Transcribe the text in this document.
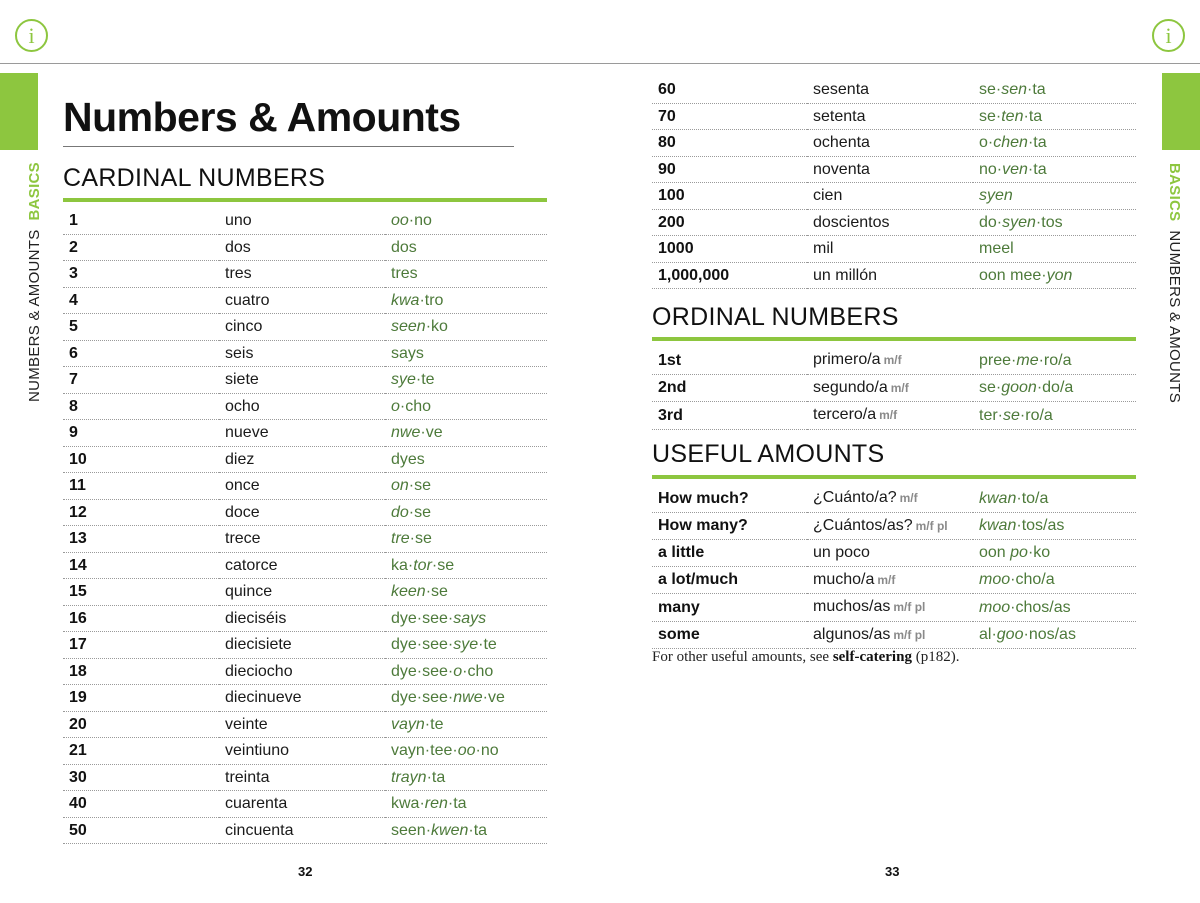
i	i
NUMBERS & AMOUNTS  BASICS	BASICS  NUMBERS & AMOUNTS
Numbers & Amounts
CARDINAL NUMBERS
1	uno	oo·no
2	dos	dos
3	tres	tres
4	cuatro	kwa·tro
5	cinco	seen·ko
6	seis	says
7	siete	sye·te
8	ocho	o·cho
9	nueve	nwe·ve
10	diez	dyes
11	once	on·se
12	doce	do·se
13	trece	tre·se
14	catorce	ka·tor·se
15	quince	keen·se
16	dieciséis	dye·see·says
17	diecisiete	dye·see·sye·te
18	dieciocho	dye·see·o·cho
19	diecinueve	dye·see·nwe·ve
20	veinte	vayn·te
21	veintiuno	vayn·tee·oo·no
30	treinta	trayn·ta
40	cuarenta	kwa·ren·ta
50	cincuenta	seen·kwen·ta
60	sesenta	se·sen·ta
70	setenta	se·ten·ta
80	ochenta	o·chen·ta
90	noventa	no·ven·ta
100	cien	syen
200	doscientos	do·syen·tos
1000	mil	meel
1,000,000	un millón	oon mee·yon
ORDINAL NUMBERS
1st	primero/a m/f	pree·me·ro/a
2nd	segundo/a m/f	se·goon·do/a
3rd	tercero/a m/f	ter·se·ro/a
USEFUL AMOUNTS
How much?	¿Cuánto/a? m/f	kwan·to/a
How many?	¿Cuántos/as? m/f pl	kwan·tos/as
a little	un poco	oon po·ko
a lot/much	mucho/a m/f	moo·cho/a
many	muchos/as m/f pl	moo·chos/as
some	algunos/as m/f pl	al·goo·nos/as

For other useful amounts, see self-catering (p182).

32	33
